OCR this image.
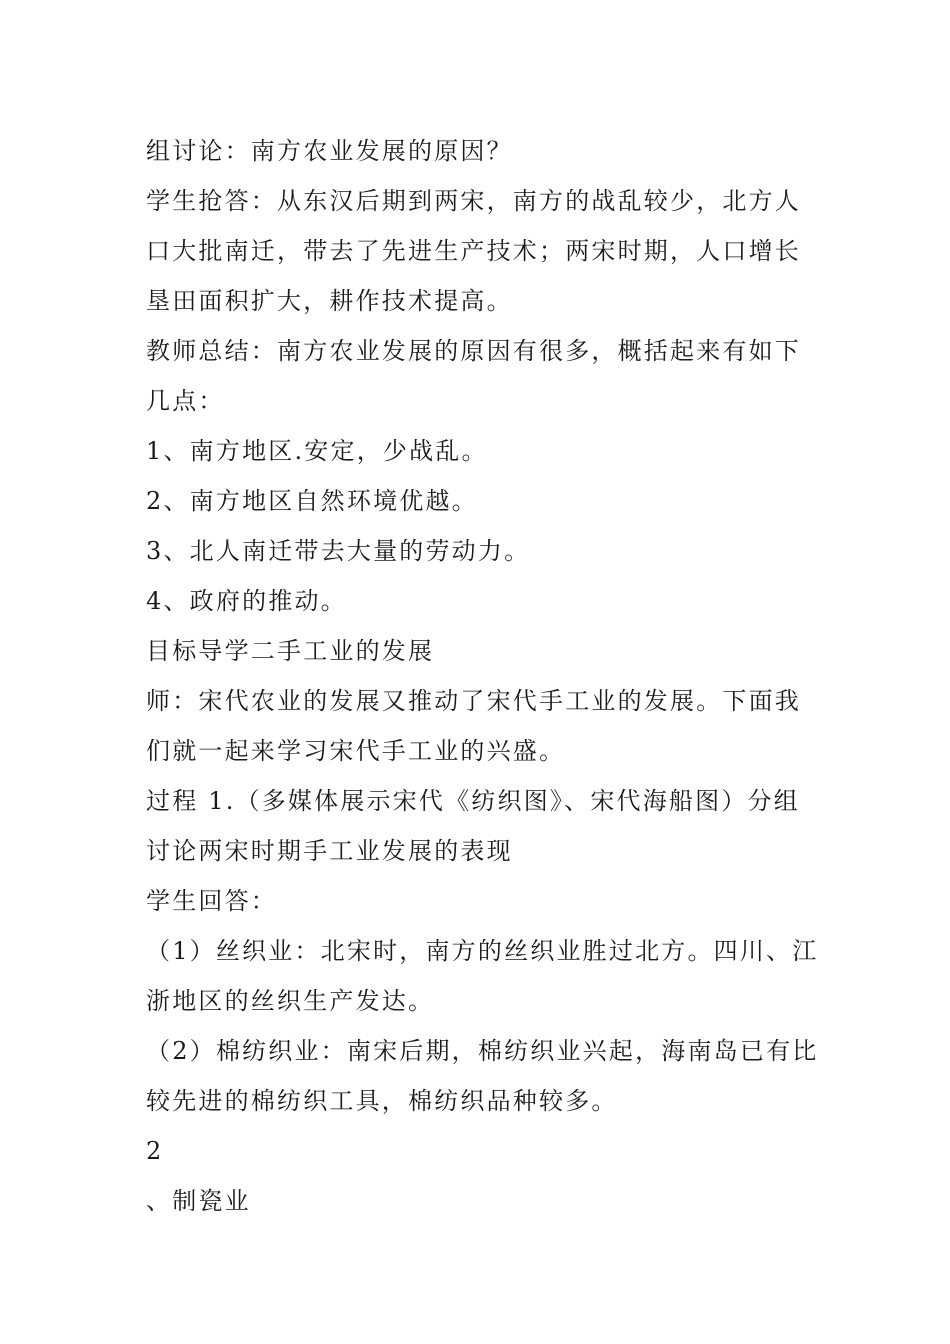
组讨论：南方农业发展的原因？
学生抢答：从东汉后期到两宋，南方的战乱较少，北方人
口大批南迁，带去了先进生产技术；两宋时期，人口增长
垦田面积扩大，耕作技术提高。
教师总结：南方农业发展的原因有很多，概括起来有如下
几点：
1、南方地区.安定，少战乱。
2、南方地区自然环境优越。
3、北人南迁带去大量的劳动力。
4、政府的推动。
目标导学二手工业的发展
师：宋代农业的发展又推动了宋代手工业的发展。下面我
们就一起来学习宋代手工业的兴盛。
过程 1.（多媒体展示宋代《纺织图》、宋代海船图）分组
讨论两宋时期手工业发展的表现
学生回答：
（1）丝织业：北宋时，南方的丝织业胜过北方。四川、江
浙地区的丝织生产发达。
（2）棉纺织业：南宋后期，棉纺织业兴起，海南岛已有比
较先进的棉纺织工具，棉纺织品种较多。
2
、制瓷业
